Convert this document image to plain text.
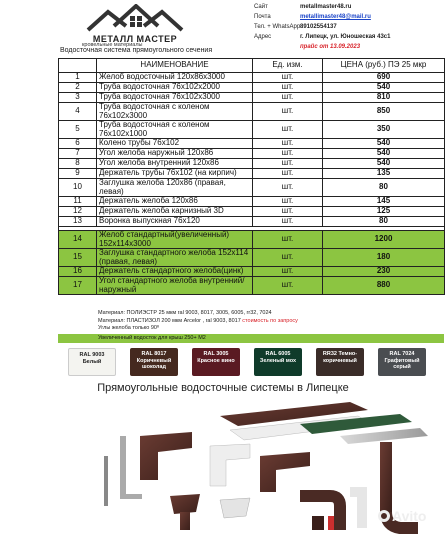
МЕТАЛЛ МАСТЕР
кровельные материалы
Водосточная система прямоугольного сечения
Сайт	metallmaster48.ru
Почта	metallimaster48@mail.ru
Тел. + WhatsApp 89102554137
Адрес	г. Липецк, ул. Юношеская 43с1
прайс от 13.09.2023
	НАИМЕНОВАНИЕ	Ед. изм.	ЦЕНА (руб.) ПЭ 25 мкр
1	Желоб водосточный 120х86х3000	шт.	690
2	Труба водосточная 76х102х2000	шт.	540
3	Труба водосточная 76х102х3000	шт.	810
4	Труба водосточная с коленом 76х102х3000	шт.	850
5	Труба водосточная с коленом 76х102х1000	шт.	350
6	Колено трубы 76х102	шт.	540
7	Угол желоба наружный 120х86	шт.	540
8	Угол желоба внутренний 120х86	шт.	540
9	Держатель трубы 76х102 (на кирпич)	шт.	135
10	Заглушка желоба 120х86 (правая, левая)	шт.	80
11	Держатель желоба 120х86	шт.	145
12	Держатель желоба карнизный 3D	шт.	125
13	Воронка выпускная 76х120	шт.	80

14	Желоб стандартный(увеличенный) 152х114х3000	шт.	1200
15	Заглушка стандартного желоба 152х114 (правая, левая)	шт.	180
16	Держатель стандартного желоба(цинк)	шт.	230
17	Угол стандартного желоба внутренний/наружный	шт.	880
Материал: ПОЛИЭСТР 25 мкм ral 9003, 8017, 3005, 6005, rr32, 7024
Материал: ПЛАСТИЗОЛ 200 мкм Arcelor , ral 9003, 8017 стоимость по запросу
Углы желоба только 90º
Увеличенный водосток для крыш 250+ М2
RAL 9003
Белый
RAL 8017
Коричневый шоколад
RAL 3005
Красное вино
RAL 6005
Зеленый мох
RR32 Темно-
коричневый
RAL 7024
Графитовый серый
Прямоугольные водосточные системы в Липецке
Avito
